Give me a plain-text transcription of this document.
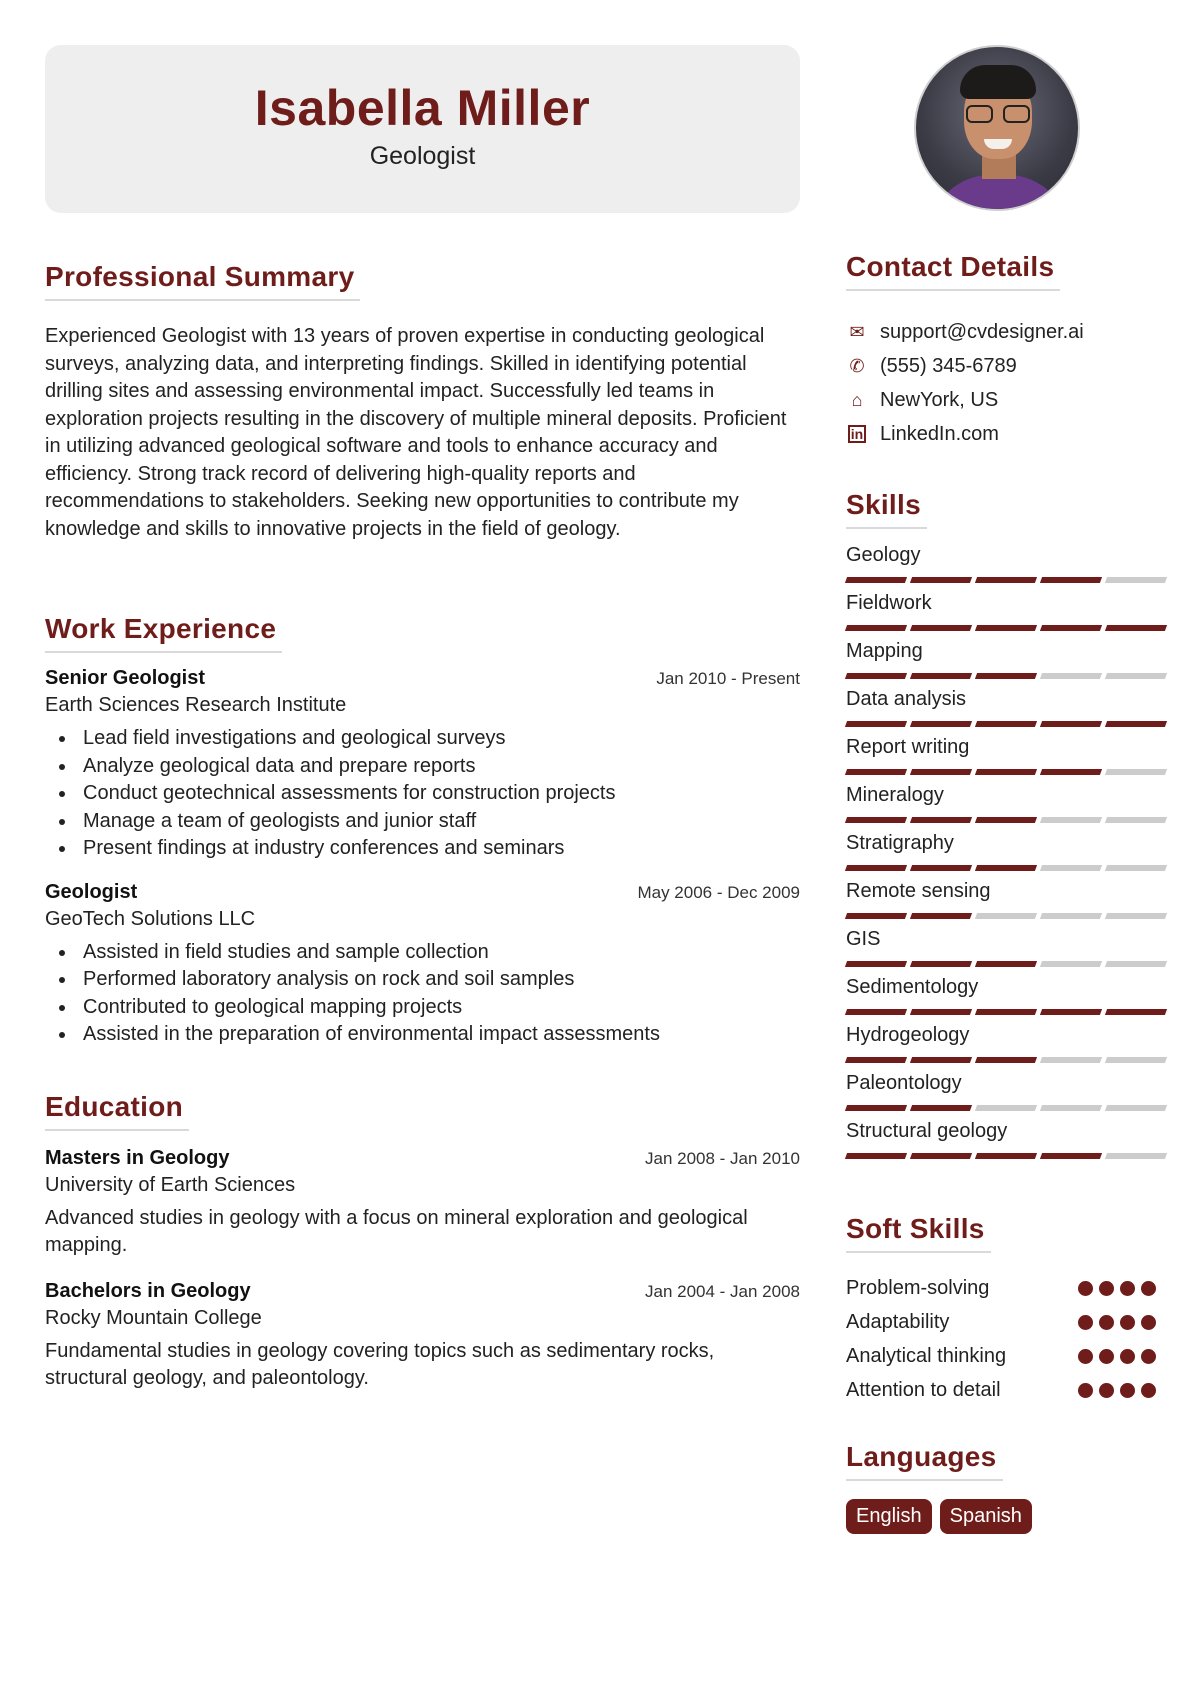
Isabella Miller
Geologist
Professional Summary

Experienced Geologist with 13 years of proven expertise in conducting geological surveys, analyzing data, and interpreting findings. Skilled in identifying potential drilling sites and assessing environmental impact. Successfully led teams in exploration projects resulting in the discovery of multiple mineral deposits. Proficient in utilizing advanced geological software and tools to enhance accuracy and efficiency. Strong track record of delivering high-quality reports and recommendations to stakeholders. Seeking new opportunities to contribute my knowledge and skills to innovative projects in the field of geology.

Work Experience
Senior Geologist	Jan 2010 - Present
Earth Sciences Research Institute
Lead field investigations and geological surveys
Analyze geological data and prepare reports
Conduct geotechnical assessments for construction projects
Manage a team of geologists and junior staff
Present findings at industry conferences and seminars
Geologist	May 2006 - Dec 2009
GeoTech Solutions LLC
Assisted in field studies and sample collection
Performed laboratory analysis on rock and soil samples
Contributed to geological mapping projects
Assisted in the preparation of environmental impact assessments
Education
Masters in Geology	Jan 2008 - Jan 2010
University of Earth Sciences

Advanced studies in geology with a focus on mineral exploration and geological mapping.

Bachelors in Geology	Jan 2004 - Jan 2008
Rocky Mountain College

Fundamental studies in geology covering topics such as sedimentary rocks, structural geology, and paleontology.

Contact Details
✉ support@cvdesigner.ai
✆ (555) 345-6789
⌂ NewYork, US
in LinkedIn.com
Skills
Geology
Fieldwork
Mapping
Data analysis
Report writing
Mineralogy
Stratigraphy
Remote sensing
GIS
Sedimentology
Hydrogeology
Paleontology
Structural geology
Soft Skills
Problem-solving
Adaptability
Analytical thinking
Attention to detail
Languages
English	Spanish
